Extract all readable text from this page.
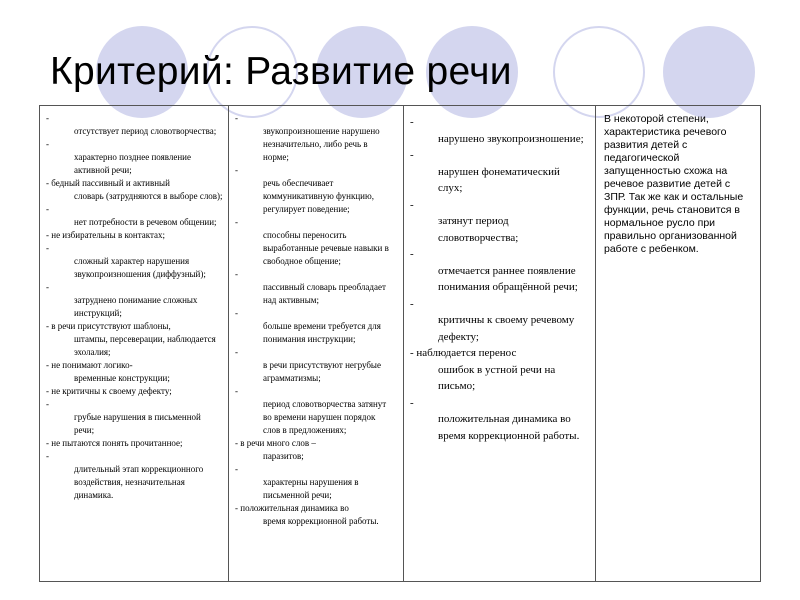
Критерий: Развитие речи
-
отсутствует период словотворчества;
-
характерно позднее появление активной речи;
- бедный пассивный и активный
словарь (затрудняются в выборе слов);
-
нет потребности в речевом общении;
- не избирательны в контактах;
-
сложный характер нарушения звукопроизношения (диффузный);
-
затруднено понимание сложных инструкций;
- в речи присутствуют шаблоны,
штампы, персеверации, наблюдается эхолалия;
- не понимают логико-
временные конструкции;
- не критичны к своему дефекту;
-
грубые нарушения в письменной речи;
- не пытаются понять прочитанное;
-
длительный этап коррекционного воздействия, незначительная динамика.
-
звукопроизношение нарушено незначительно, либо речь в норме;
-
речь обеспечивает коммуникативную функцию, регулирует поведение;
-
способны переносить выработанные речевые навыки в свободное общение;
-
пассивный словарь преобладает над активным;
-
больше времени требуется для понимания инструкции;
-
в речи присутствуют негрубые аграмматизмы;
-
период словотворчества затянут во времени нарушен порядок слов в предложениях;
- в речи много слов –
паразитов;
-
характерны нарушения в письменной речи;
- положительная динамика во
время коррекционной работы.
-
нарушено звукопроизношение;
-
нарушен фонематический слух;
-
затянут период словотворчества;
-
отмечается раннее появление понимания обращённой речи;
-
критичны к своему речевому дефекту;
- наблюдается перенос
ошибок в устной речи на письмо;
-
положительная динамика во время коррекционной работы.
В некоторой степени, характеристика речевого развития детей с педагогической запущенностью схожа на речевое развитие детей с ЗПР. Так же как и остальные функции, речь становится в нормальное русло при правильно организованной работе с ребенком.
